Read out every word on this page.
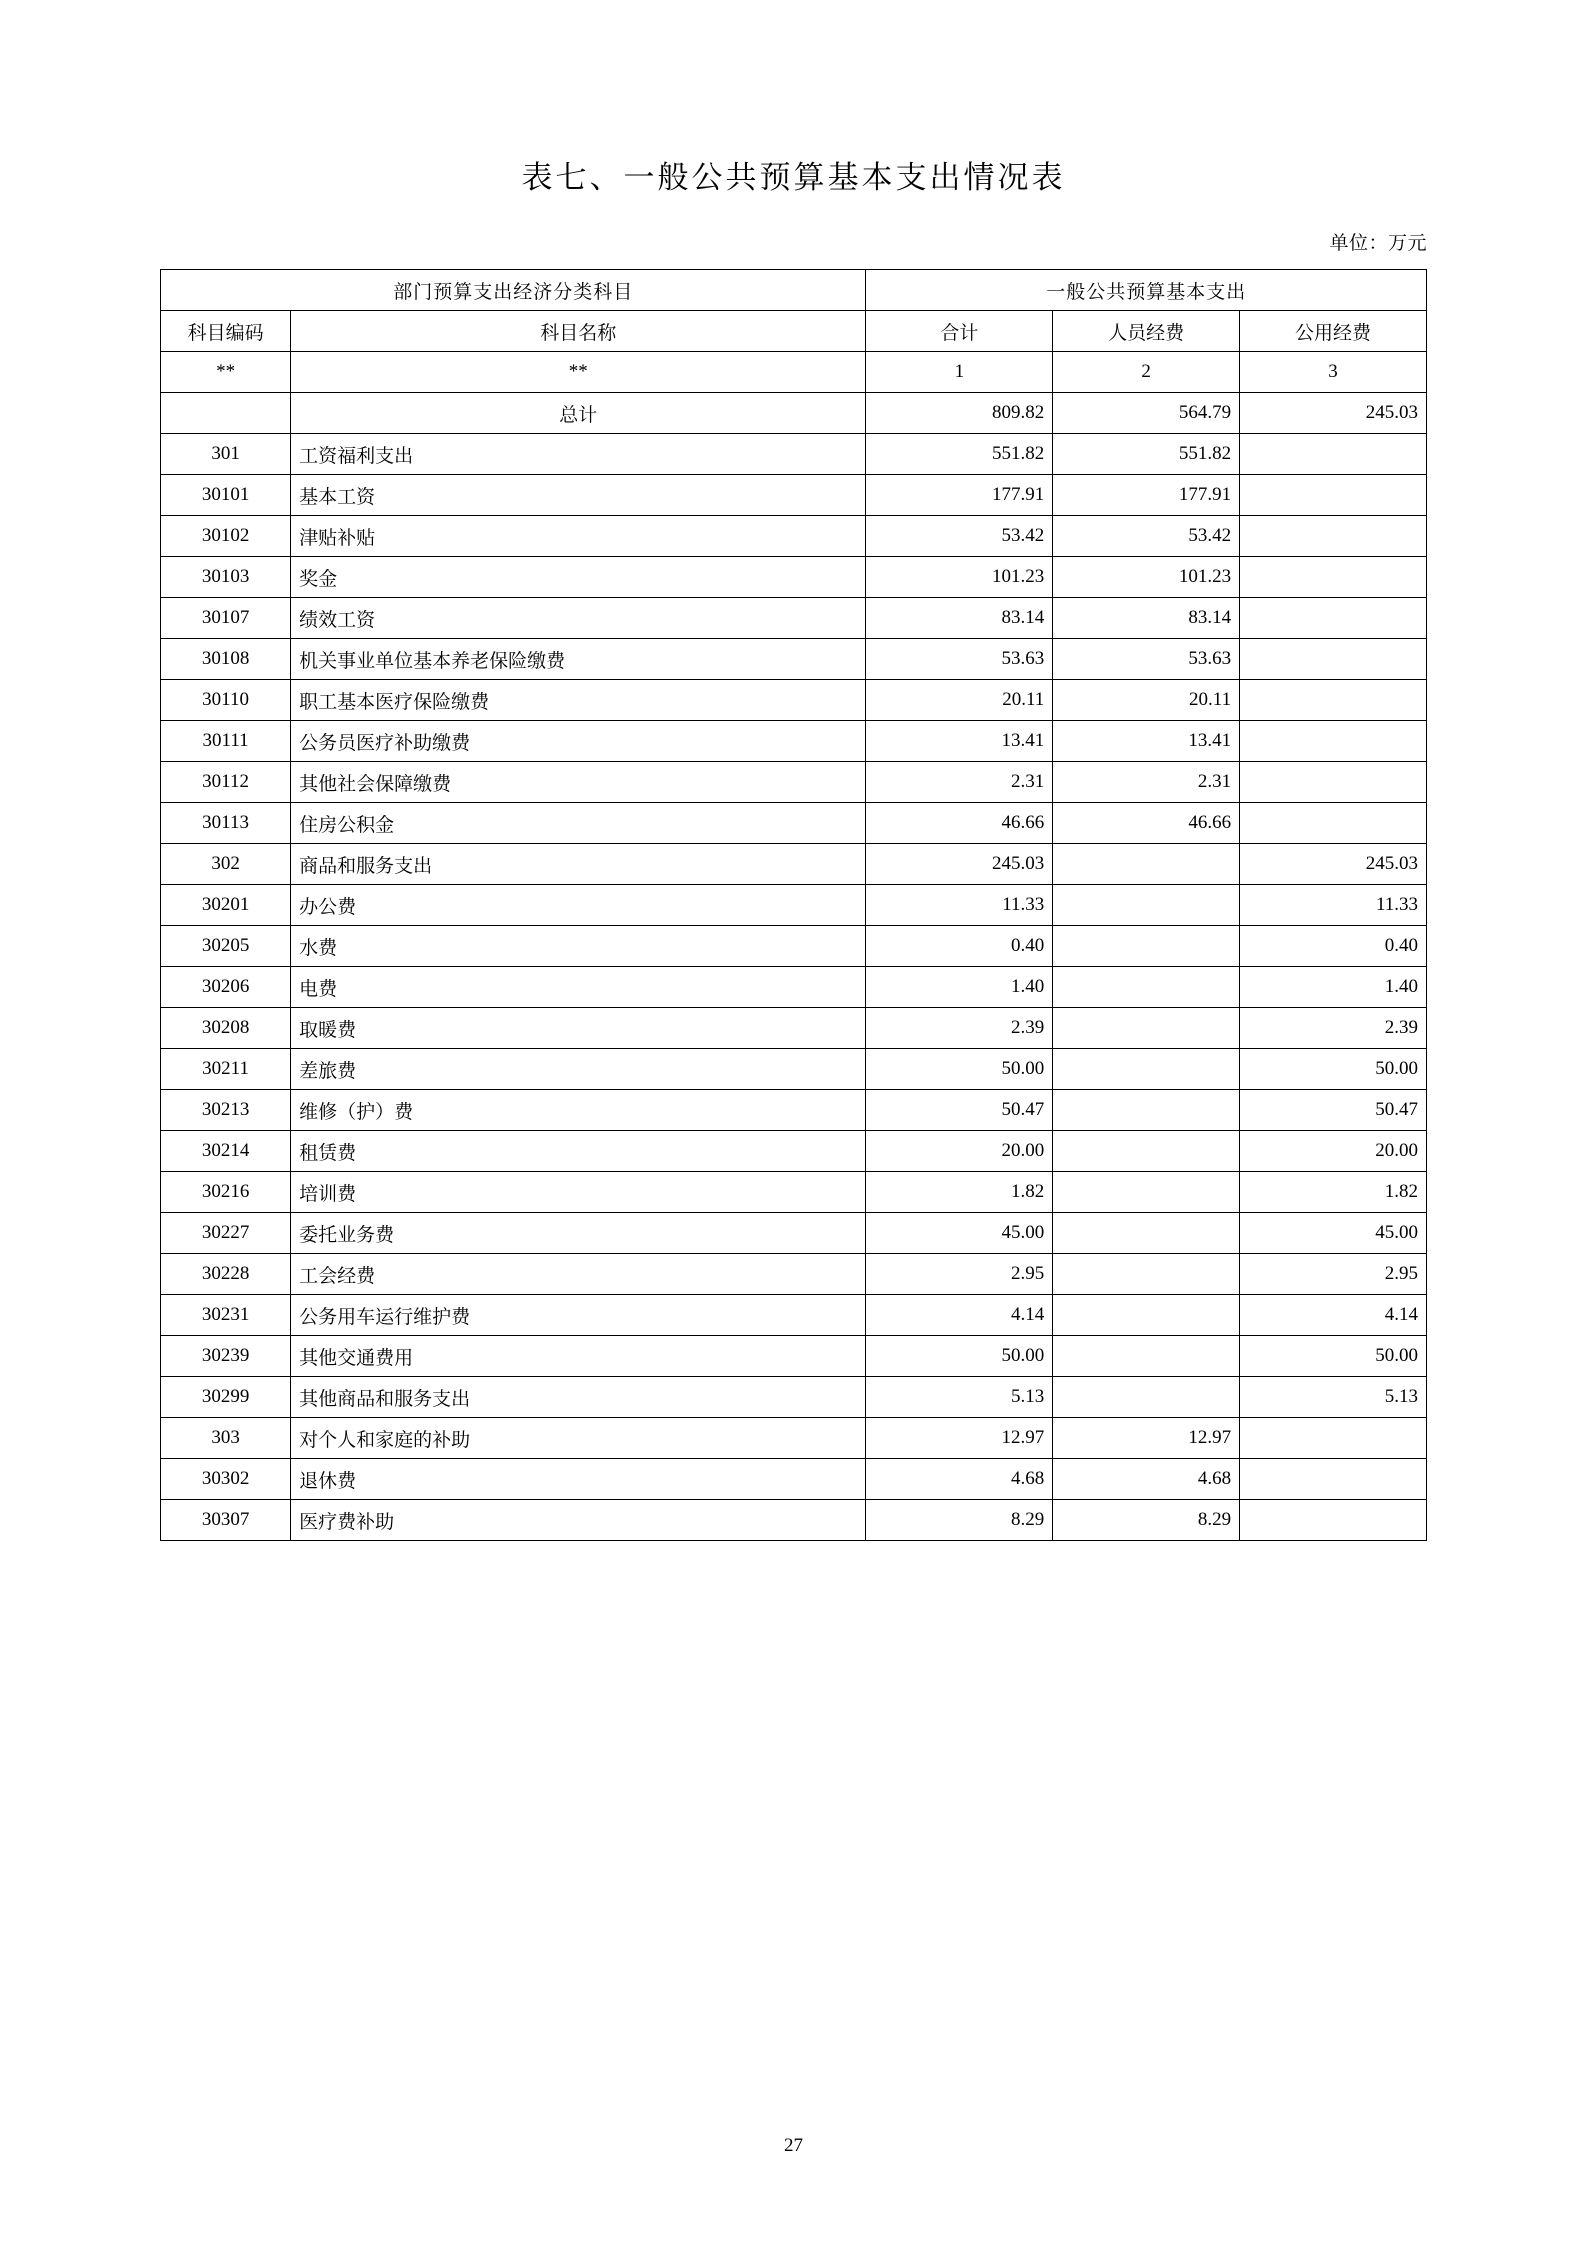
表七、一般公共预算基本支出情况表
单位：万元
部门预算支出经济分类科目		一般公共预算基本支出		
科目编码	科目名称	合计	人员经费	公用经费
**	**	1	2	3
	总计	809.82	564.79	245.03
301	工资福利支出	551.82	551.82	
30101	基本工资	177.91	177.91	
30102	津贴补贴	53.42	53.42	
30103	奖金	101.23	101.23	
30107	绩效工资	83.14	83.14	
30108	机关事业单位基本养老保险缴费	53.63	53.63	
30110	职工基本医疗保险缴费	20.11	20.11	
30111	公务员医疗补助缴费	13.41	13.41	
30112	其他社会保障缴费	2.31	2.31	
30113	住房公积金	46.66	46.66	
302	商品和服务支出	245.03		245.03
30201	办公费	11.33		11.33
30205	水费	0.40		0.40
30206	电费	1.40		1.40
30208	取暖费	2.39		2.39
30211	差旅费	50.00		50.00
30213	维修（护）费	50.47		50.47
30214	租赁费	20.00		20.00
30216	培训费	1.82		1.82
30227	委托业务费	45.00		45.00
30228	工会经费	2.95		2.95
30231	公务用车运行维护费	4.14		4.14
30239	其他交通费用	50.00		50.00
30299	其他商品和服务支出	5.13		5.13
303	对个人和家庭的补助	12.97	12.97	
30302	退休费	4.68	4.68	
30307	医疗费补助	8.29	8.29	
27
